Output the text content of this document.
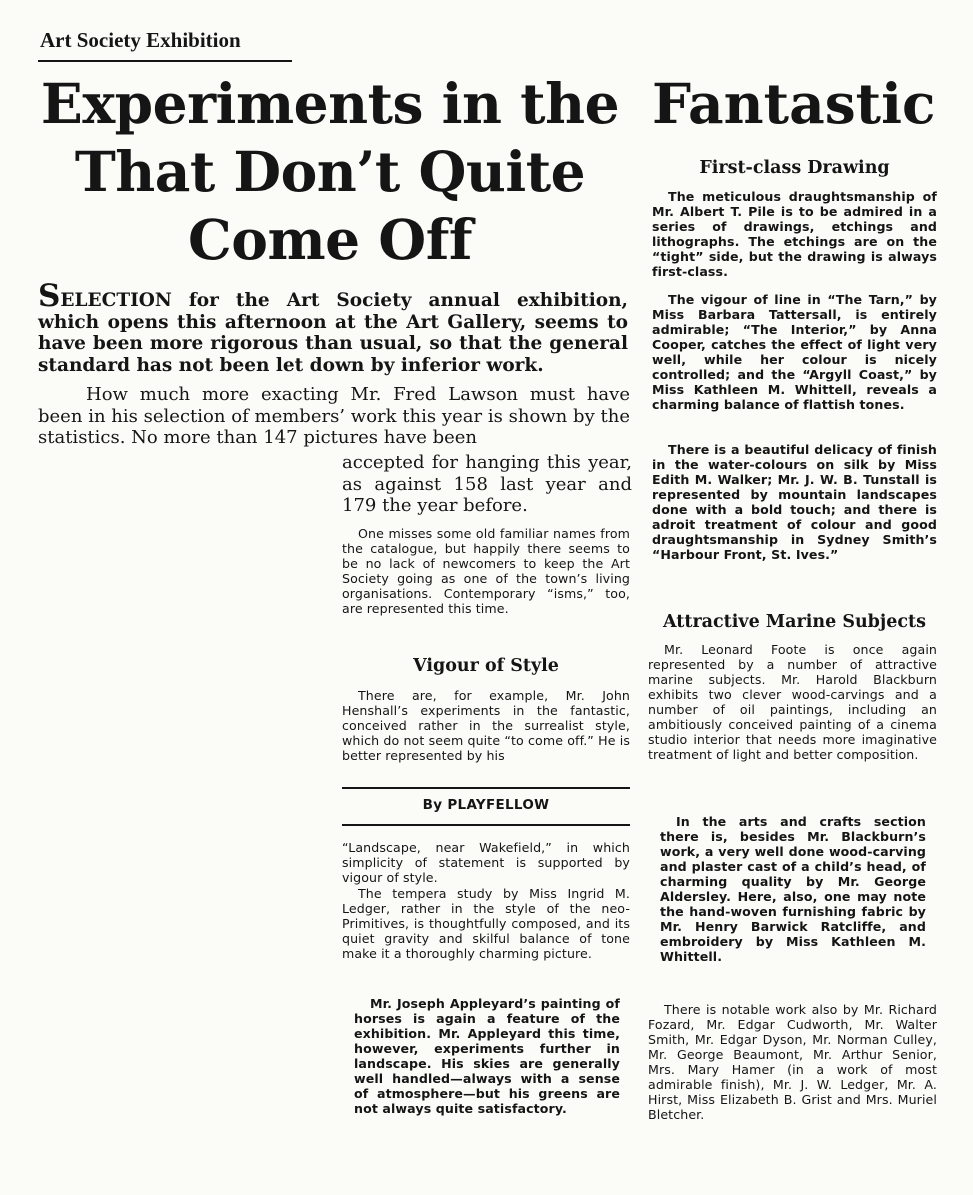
Art Society Exhibition
Experiments in the
That Don’t Quite
Come Off
Fantastic

SELECTION for the Art Society annual exhibition, which opens this afternoon at the Art Gallery, seems to have been more rigorous than usual, so that the general standard has not been let down by inferior work.

How much more exacting Mr. Fred Lawson must have been in his selection of members’ work this year is shown by the statistics. No more than 147 pictures have been

accepted for hanging this year, as against 158 last year and 179 the year before.

One misses some old familiar names from the catalogue, but happily there seems to be no lack of newcomers to keep the Art Society going as one of the town’s living organisations. Contemporary “isms,” too, are represented this time.

Vigour of Style

There are, for example, Mr. John Henshall’s experiments in the fantastic, conceived rather in the surrealist style, which do not seem quite “to come off.” He is better represented by his

By PLAYFELLOW

“Landscape, near Wakefield,” in which simplicity of statement is supported by vigour of style.

The tempera study by Miss Ingrid M. Ledger, rather in the style of the neo-Primitives, is thoughtfully composed, and its quiet gravity and skilful balance of tone make it a thoroughly charming picture.

Mr. Joseph Appleyard’s painting of horses is again a feature of the exhibition. Mr. Appleyard this time, however, experiments further in landscape. His skies are generally well handled—always with a sense of atmosphere—but his greens are not always quite satisfactory.

First-class Drawing

The meticulous draughtsmanship of Mr. Albert T. Pile is to be admired in a series of drawings, etchings and lithographs. The etchings are on the “tight” side, but the drawing is always first-class.

The vigour of line in “The Tarn,” by Miss Barbara Tattersall, is entirely admirable; “The Interior,” by Anna Cooper, catches the effect of light very well, while her colour is nicely controlled; and the “Argyll Coast,” by Miss Kathleen M. Whittell, reveals a charming balance of flattish tones.

There is a beautiful delicacy of finish in the water-colours on silk by Miss Edith M. Walker; Mr. J. W. B. Tunstall is represented by mountain landscapes done with a bold touch; and there is adroit treatment of colour and good draughtsmanship in Sydney Smith’s “Harbour Front, St. Ives.”

Attractive Marine Subjects

Mr. Leonard Foote is once again represented by a number of attractive marine subjects. Mr. Harold Blackburn exhibits two clever wood-carvings and a number of oil paintings, including an ambitiously conceived painting of a cinema studio interior that needs more imaginative treatment of light and better composition.

In the arts and crafts section there is, besides Mr. Blackburn’s work, a very well done wood-carving and plaster cast of a child’s head, of charming quality by Mr. George Aldersley. Here, also, one may note the hand-woven furnishing fabric by Mr. Henry Barwick Ratcliffe, and embroidery by Miss Kathleen M. Whittell.

There is notable work also by Mr. Richard Fozard, Mr. Edgar Cudworth, Mr. Walter Smith, Mr. Edgar Dyson, Mr. Norman Culley, Mr. George Beaumont, Mr. Arthur Senior, Mrs. Mary Hamer (in a work of most admirable finish), Mr. J. W. Ledger, Mr. A. Hirst, Miss Elizabeth B. Grist and Mrs. Muriel Bletcher.
